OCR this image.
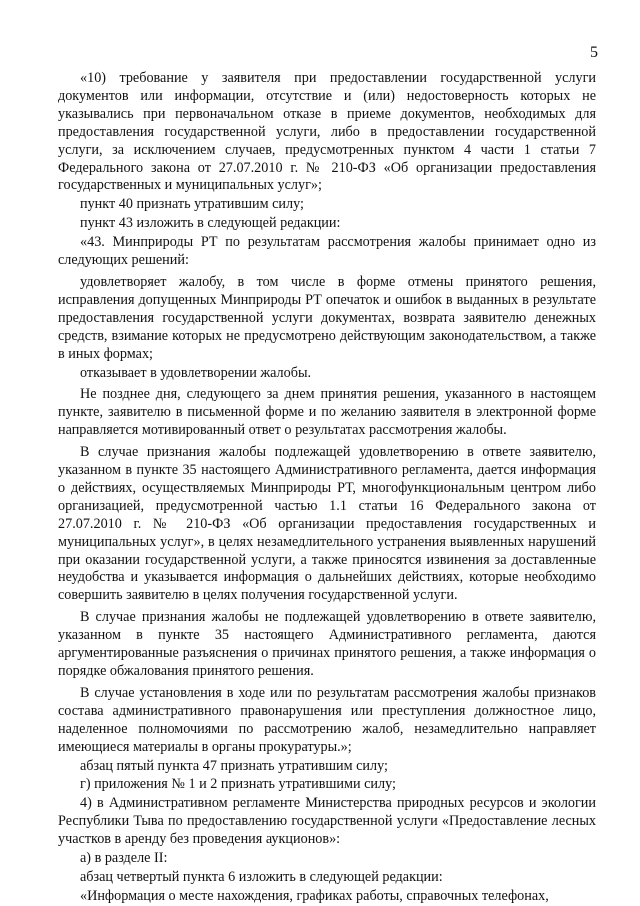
5

«10) требование у заявителя при предоставлении государственной услуги документов или информации, отсутствие и (или) недостоверность которых не указывались при первоначальном отказе в приеме документов, необходимых для предоставления государственной услуги, либо в предоставлении государственной услуги, за исключением случаев, предусмотренных пунктом 4 части 1 статьи 7 Федерального закона от 27.07.2010 г. № 210-ФЗ «Об организации предоставления государственных и муниципальных услуг»;

пункт 40 признать утратившим силу;

пункт 43 изложить в следующей редакции:

«43. Минприроды РТ по результатам рассмотрения жалобы принимает одно из следующих решений:

удовлетворяет жалобу, в том числе в форме отмены принятого решения, исправления допущенных Минприроды РТ опечаток и ошибок в выданных в результате предоставления государственной услуги документах, возврата заявителю денежных средств, взимание которых не предусмотрено действующим законодательством, а также в иных формах;

отказывает в удовлетворении жалобы.

Не позднее дня, следующего за днем принятия решения, указанного в настоящем пункте, заявителю в письменной форме и по желанию заявителя в электронной форме направляется мотивированный ответ о результатах рассмотрения жалобы.

В случае признания жалобы подлежащей удовлетворению в ответе заявителю, указанном в пункте 35 настоящего Административного регламента, дается информация о действиях, осуществляемых Минприроды РТ, многофункциональным центром либо организацией, предусмотренной частью 1.1 статьи 16 Федерального закона от 27.07.2010 г. № 210-ФЗ «Об организации предоставления государственных и муниципальных услуг», в целях незамедлительного устранения выявленных нарушений при оказании государственной услуги, а также приносятся извинения за доставленные неудобства и указывается информация о дальнейших действиях, которые необходимо совершить заявителю в целях получения государственной услуги.

В случае признания жалобы не подлежащей удовлетворению в ответе заявителю, указанном в пункте 35 настоящего Административного регламента, даются аргументированные разъяснения о причинах принятого решения, а также информация о порядке обжалования принятого решения.

В случае установления в ходе или по результатам рассмотрения жалобы признаков состава административного правонарушения или преступления должностное лицо, наделенное полномочиями по рассмотрению жалоб, незамедлительно направляет имеющиеся материалы в органы прокуратуры.»;

абзац пятый пункта 47 признать утратившим силу;

г) приложения № 1 и 2 признать утратившими силу;

4) в Административном регламенте Министерства природных ресурсов и экологии Республики Тыва по предоставлению государственной услуги «Предоставление лесных участков в аренду без проведения аукционов»:

а) в разделе II:

абзац четвертый пункта 6 изложить в следующей редакции:

«Информация о месте нахождения, графиках работы, справочных телефонах,
